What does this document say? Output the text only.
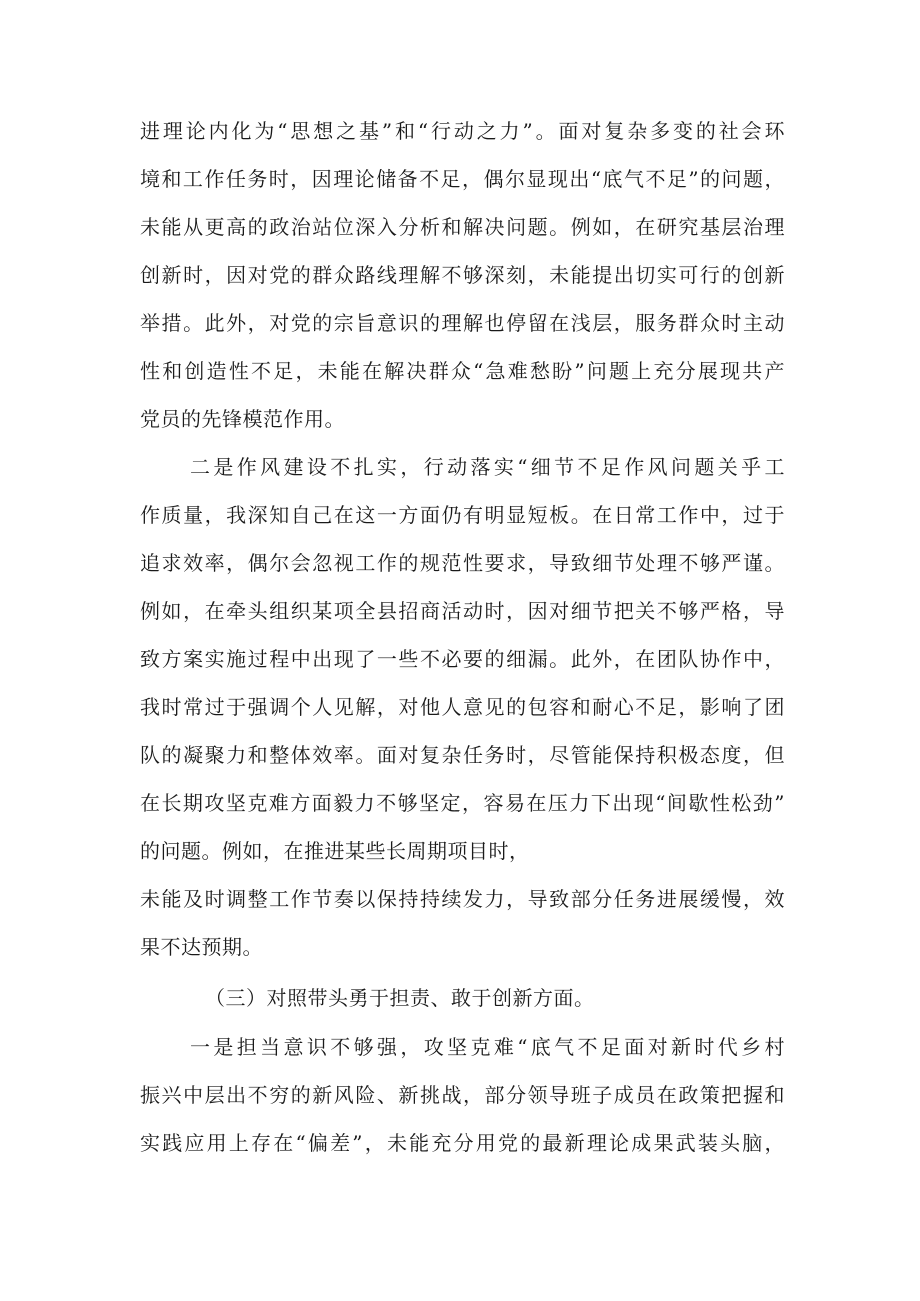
进理论内化为“思想之基”和“行动之力”。面对复杂多变的社会环
境和工作任务时，因理论储备不足，偶尔显现出“底气不足”的问题，
未能从更高的政治站位深入分析和解决问题。例如，在研究基层治理
创新时，因对党的群众路线理解不够深刻，未能提出切实可行的创新
举措。此外，对党的宗旨意识的理解也停留在浅层，服务群众时主动
性和创造性不足，未能在解决群众“急难愁盼”问题上充分展现共产
党员的先锋模范作用。
二是作风建设不扎实，行动落实“细节不足作风问题关乎工
作质量，我深知自己在这一方面仍有明显短板。在日常工作中，过于
追求效率，偶尔会忽视工作的规范性要求，导致细节处理不够严谨。
例如，在牵头组织某项全县招商活动时，因对细节把关不够严格，导
致方案实施过程中出现了一些不必要的细漏。此外，在团队协作中，
我时常过于强调个人见解，对他人意见的包容和耐心不足，影响了团
队的凝聚力和整体效率。面对复杂任务时，尽管能保持积极态度，但
在长期攻坚克难方面毅力不够坚定，容易在压力下出现“间歇性松劲”
的问题。例如，在推进某些长周期项目时，
未能及时调整工作节奏以保持持续发力，导致部分任务进展缓慢，效
果不达预期。
（三）对照带头勇于担责、敢于创新方面。
一是担当意识不够强，攻坚克难“底气不足面对新时代乡村
振兴中层出不穷的新风险、新挑战，部分领导班子成员在政策把握和
实践应用上存在“偏差”，未能充分用党的最新理论成果武装头脑，
